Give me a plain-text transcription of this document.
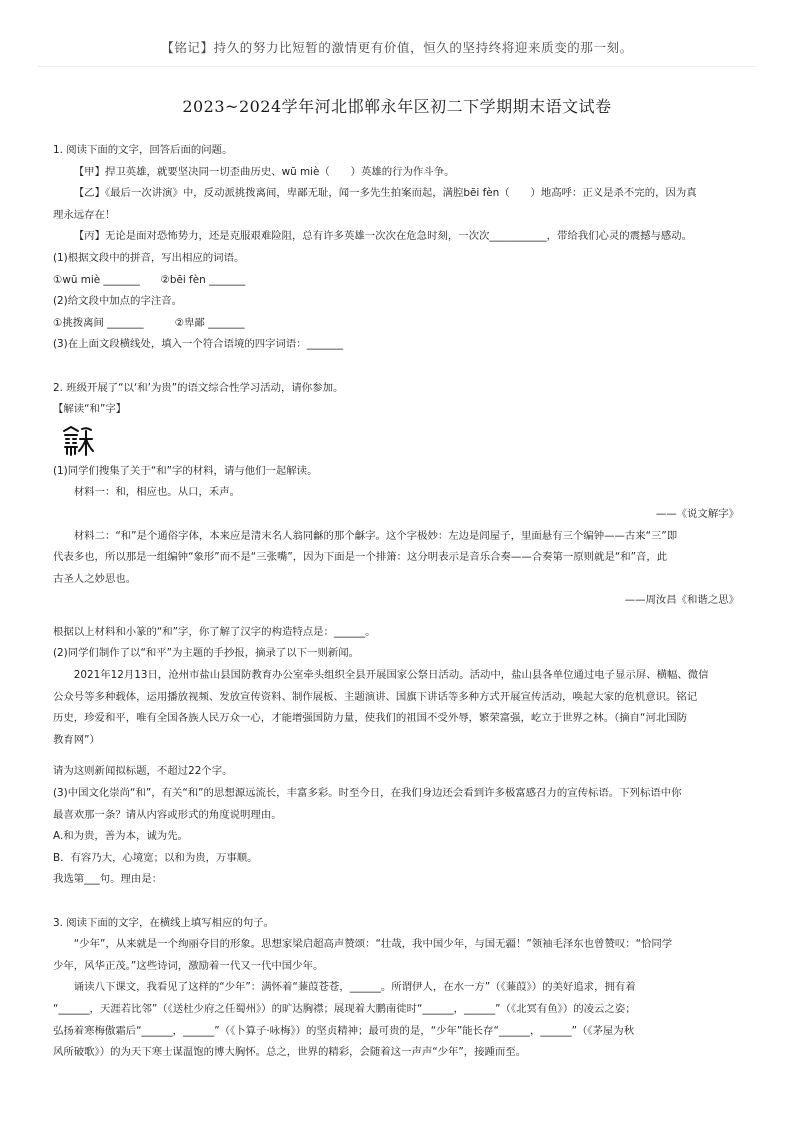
【铭记】持久的努力比短暂的激情更有价值，恒久的坚持终将迎来质变的那一刻。
2023~2024学年河北邯郸永年区初二下学期期末语文试卷

1. 阅读下面的文字，回答后面的问题。

【甲】捍卫英雄，就要坚决同一切歪曲历史、wū miè（　　）英雄的行为作斗争。

【乙】《最后一次讲演》中，反动派挑拨离间，卑鄙无耻，闻一多先生拍案而起，满腔bēi fèn（　　）地高呼：正义是杀不完的，因为真

理永远存在！

【丙】无论是面对恐怖势力，还是克服艰难险阻，总有许多英雄一次次在危急时刻，一次次___________，带给我们心灵的震撼与感动。

(1)根据文段中的拼音，写出相应的词语。

①wū miè _______　　②bēi fèn _______

(2)给文段中加点的字注音。

①挑拨离间 _______　　　②卑鄙 _______

(3)在上面文段横线处，填入一个符合语境的四字词语：_______

2. 班级开展了“以‘和’为贵”的语文综合性学习活动，请你参加。

【解读“和”字】

(1)同学们搜集了关于“和”字的材料，请与他们一起解读。

材料一：和，相应也。从口，禾声。

——《说文解字》

材料二：“和”是个通俗字体，本来应是清末名人翁同龢的那个龢字。这个字极妙：左边是闾屋子，里面悬有三个编钟——古来“三”即

代表多也，所以那是一组编钟“象形”而不是“三张嘴”，因为下面是一个排箫：这分明表示是音乐合奏——合奏第一原则就是“和”音，此

古圣人之妙思也。

——周汝昌《和谐之思》

根据以上材料和小篆的“和”字，你了解了汉字的构造特点是：______。

(2)同学们制作了以“和平”为主题的手抄报，摘录了以下一则新闻。

2021年12月13日，沧州市盐山县国防教育办公室牵头组织全县开展国家公祭日活动。活动中，盐山县各单位通过电子显示屏、横幅、微信

公众号等多种载体，运用播放视频、发放宣传资料、制作展板、主题演讲、国旗下讲话等多种方式开展宣传活动，唤起大家的危机意识。铭记

历史，珍爱和平，唯有全国各族人民万众一心，才能增强国防力量，使我们的祖国不受外辱，繁荣富强，屹立于世界之林。（摘自“河北国防

教育网”）

请为这则新闻拟标题，不超过22个字。

(3)中国文化崇尚“和”，有关“和”的思想源远流长，丰富多彩。时至今日，在我们身边还会看到许多极富感召力的宣传标语。下列标语中你

最喜欢那一条？请从内容或形式的角度说明理由。

A.和为贵，善为本，诚为先。

B．有容乃大，心境宽；以和为贵，万事顺。

我选第___句。理由是：

3. 阅读下面的文字，在横线上填写相应的句子。

“少年”，从来就是一个绚丽夺目的形象。思想家梁启超高声赞颂：“壮哉，我中国少年，与国无疆！”领袖毛泽东也曾赞叹：“恰同学

少年，风华正茂。”这些诗词，激励着一代又一代中国少年。

诵读八下课文，我看见了这样的“少年”：满怀着“蒹葭苍苍，______。所谓伊人，在水一方”（《蒹葭》）的美好追求，拥有着

“______，天涯若比邻”（《送杜少府之任蜀州》）的旷达胸襟；展现着大鹏南徙时“______，______”（《北冥有鱼》）的凌云之姿；

弘扬着寒梅傲霜后“______，______”（《卜算子·咏梅》）的坚贞精神；最可贵的是，“少年”能长存“______，______”（《茅屋为秋

风所破歌》）的为天下寒士谋温饱的博大胸怀。总之，世界的精彩，会随着这一声声“少年”，接踵而至。
